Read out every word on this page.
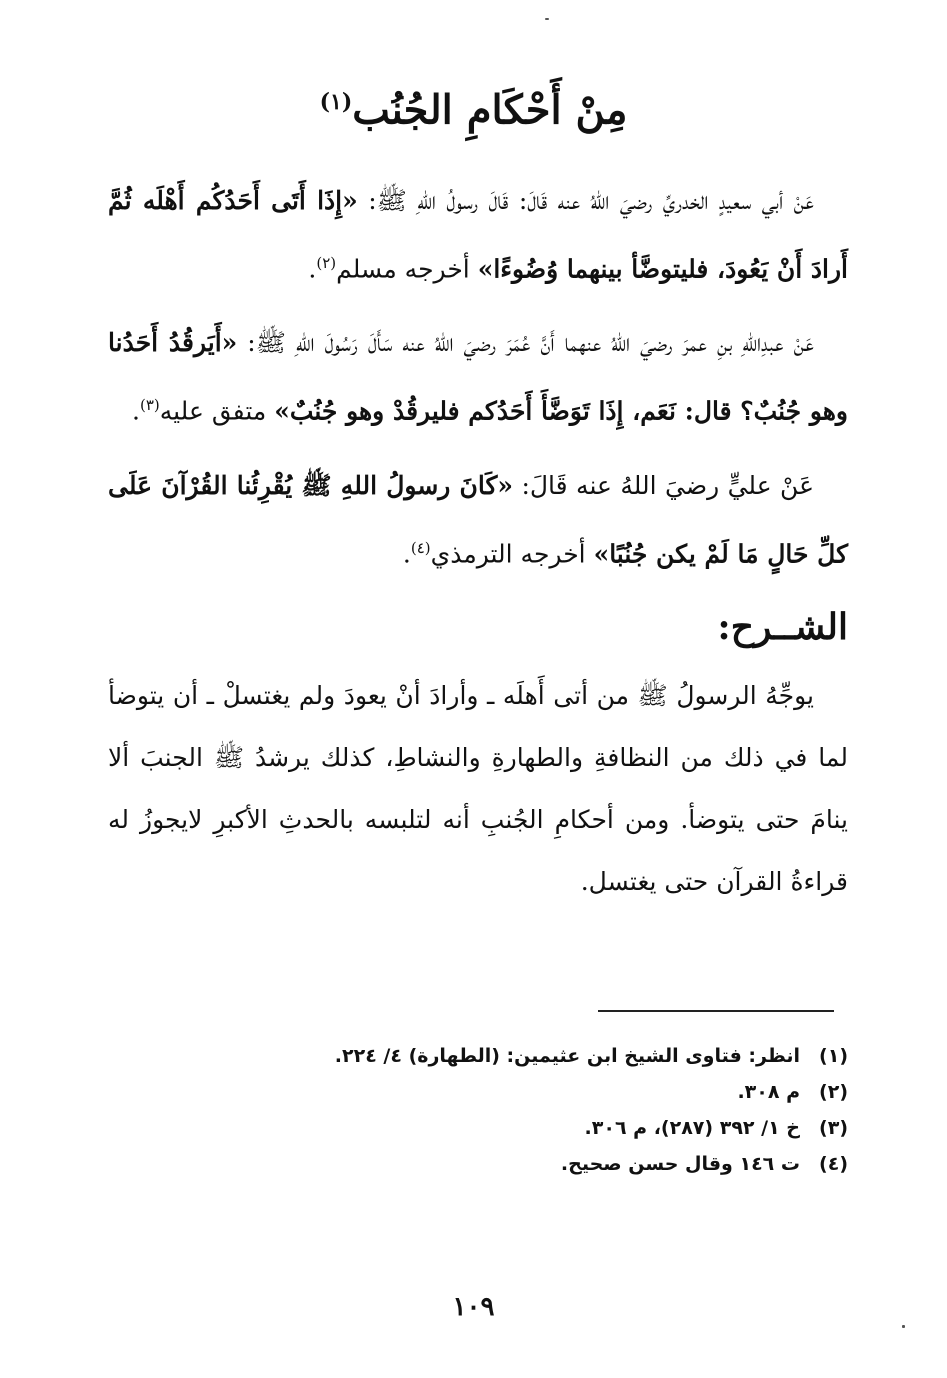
مِنْ أَحْكَامِ الجُنُب$^{(١)}$

عَنْ أبي سعيدٍ الخدريِّ رضيَ اللهُ عنه قَالَ: قَالَ رسولُ اللهِ ﷺ: «إِذَا أَتَى أَحَدُكُم أَهْلَه ثُمَّ أَرادَ أَنْ يَعُودَ، فليتوضَّأ بينهما وُضُوءًا» أخرجه مسلم$^{(٢)}$.

عَنْ عبدِاللهِ بنِ عمرَ رضيَ اللهُ عنهما أَنَّ عُمَرَ رضيَ اللهُ عنه سَأَلَ رَسُولَ اللهِ ﷺ: «أَيَرقُدُ أَحَدُنا وهو جُنُبٌ؟ قال: نَعَم، إِذَا تَوَضَّأَ أَحَدُكم فليرقُدْ وهو جُنُبٌ» متفق عليه$^{(٣)}$.

عَنْ عليٍّ رضيَ اللهُ عنه قَالَ: «كَانَ رسولُ اللهِ ﷺ يُقْرِئُنا القُرْآنَ عَلَى كلِّ حَالٍ مَا لَمْ يكن جُنُبًا» أخرجه الترمذي$^{(٤)}$.

الشــرح:

يوجِّهُ الرسولُ ﷺ من أتى أَهلَه ـ وأرادَ أنْ يعودَ ولم يغتسلْ ـ أن يتوضأ لما في ذلك من النظافةِ والطهارةِ والنشاطِ، كذلك يرشدُ ﷺ الجنبَ ألا ينامَ حتى يتوضأ. ومن أحكامِ الجُنبِ أنه لتلبسه بالحدثِ الأكبرِ لايجوزُ له قراءةُ القرآن حتى يغتسل.

(١)
انظر: فتاوى الشيخ ابن عثيمين: (الطهارة) ٤/ ٢٢٤.
(٢)
م ٣٠٨.
(٣)
خ ١/ ٣٩٢ (٢٨٧)، م ٣٠٦.
(٤)
ت ١٤٦ وقال حسن صحيح.
١٠٩
